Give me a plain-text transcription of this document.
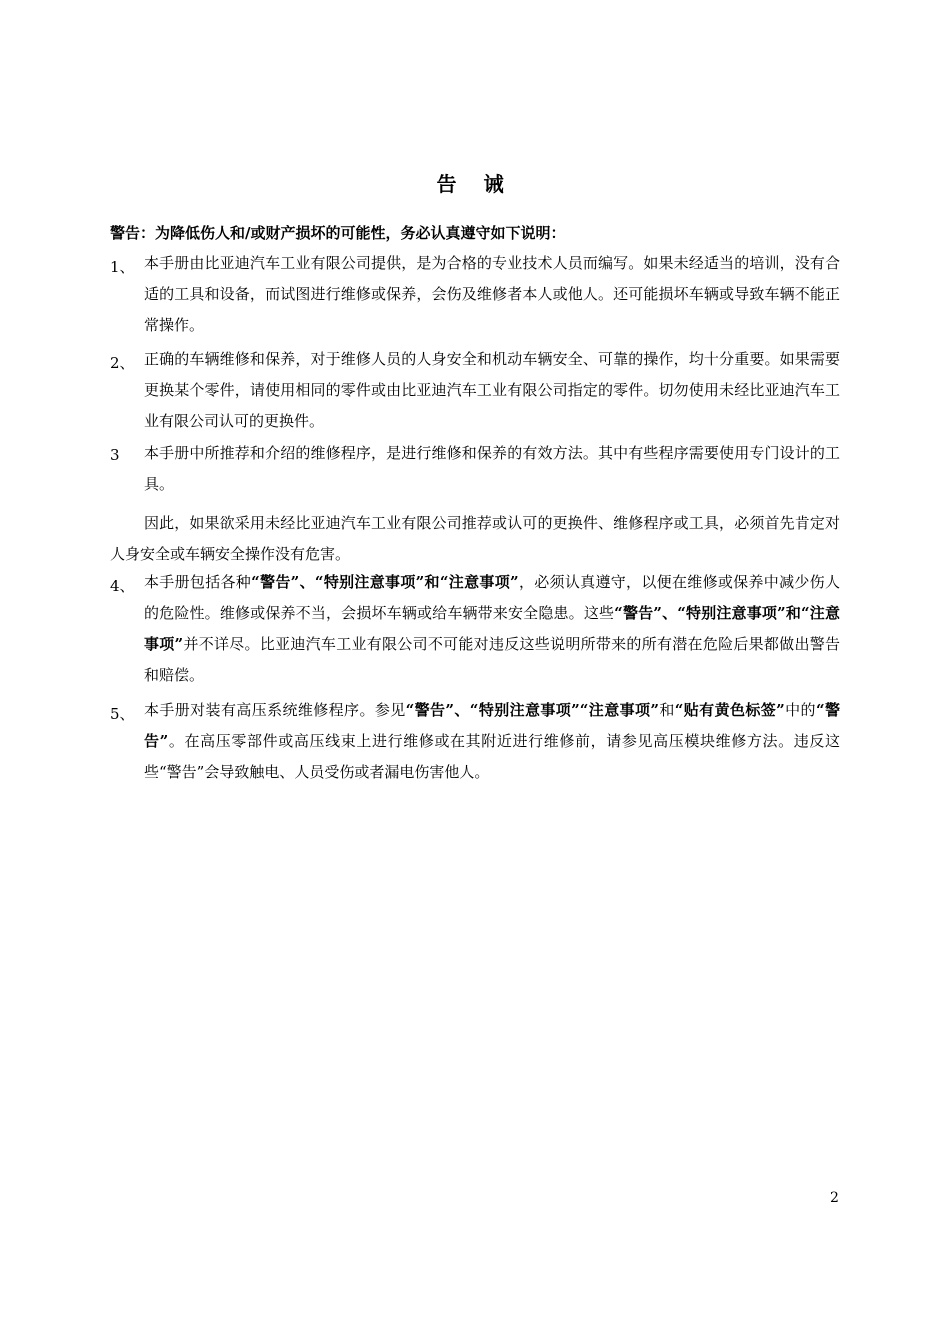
告 诫
警告：为降低伤人和/或财产损坏的可能性，务必认真遵守如下说明：
1、 本手册由比亚迪汽车工业有限公司提供，是为合格的专业技术人员而编写。如果未经适当的培训，没有合适的工具和设备，而试图进行维修或保养，会伤及维修者本人或他人。还可能损坏车辆或导致车辆不能正常操作。
2、 正确的车辆维修和保养，对于维修人员的人身安全和机动车辆安全、可靠的操作，均十分重要。如果需要更换某个零件，请使用相同的零件或由比亚迪汽车工业有限公司指定的零件。切勿使用未经比亚迪汽车工业有限公司认可的更换件。
3	本手册中所推荐和介绍的维修程序，是进行维修和保养的有效方法。其中有些程序需要使用专门设计的工具。
因此，如果欲采用未经比亚迪汽车工业有限公司推荐或认可的更换件、维修程序或工具，必须首先肯定对人身安全或车辆安全操作没有危害。
4、 本手册包括各种“警告”、“特别注意事项”和“注意事项”，必须认真遵守，以便在维修或保养中减少伤人的危险性。维修或保养不当，会损坏车辆或给车辆带来安全隐患。这些“警告”、“特别注意事项”和“注意事项”并不详尽。比亚迪汽车工业有限公司不可能对违反这些说明所带来的所有潜在危险后果都做出警告和赔偿。
5、 本手册对装有高压系统维修程序。参见“警告”、“特别注意事项”“注意事项”和“贴有黄色标签”中的“警告”。在高压零部件或高压线束上进行维修或在其附近进行维修前，请参见高压模块维修方法。违反这些“警告”会导致触电、人员受伤或者漏电伤害他人。
2
